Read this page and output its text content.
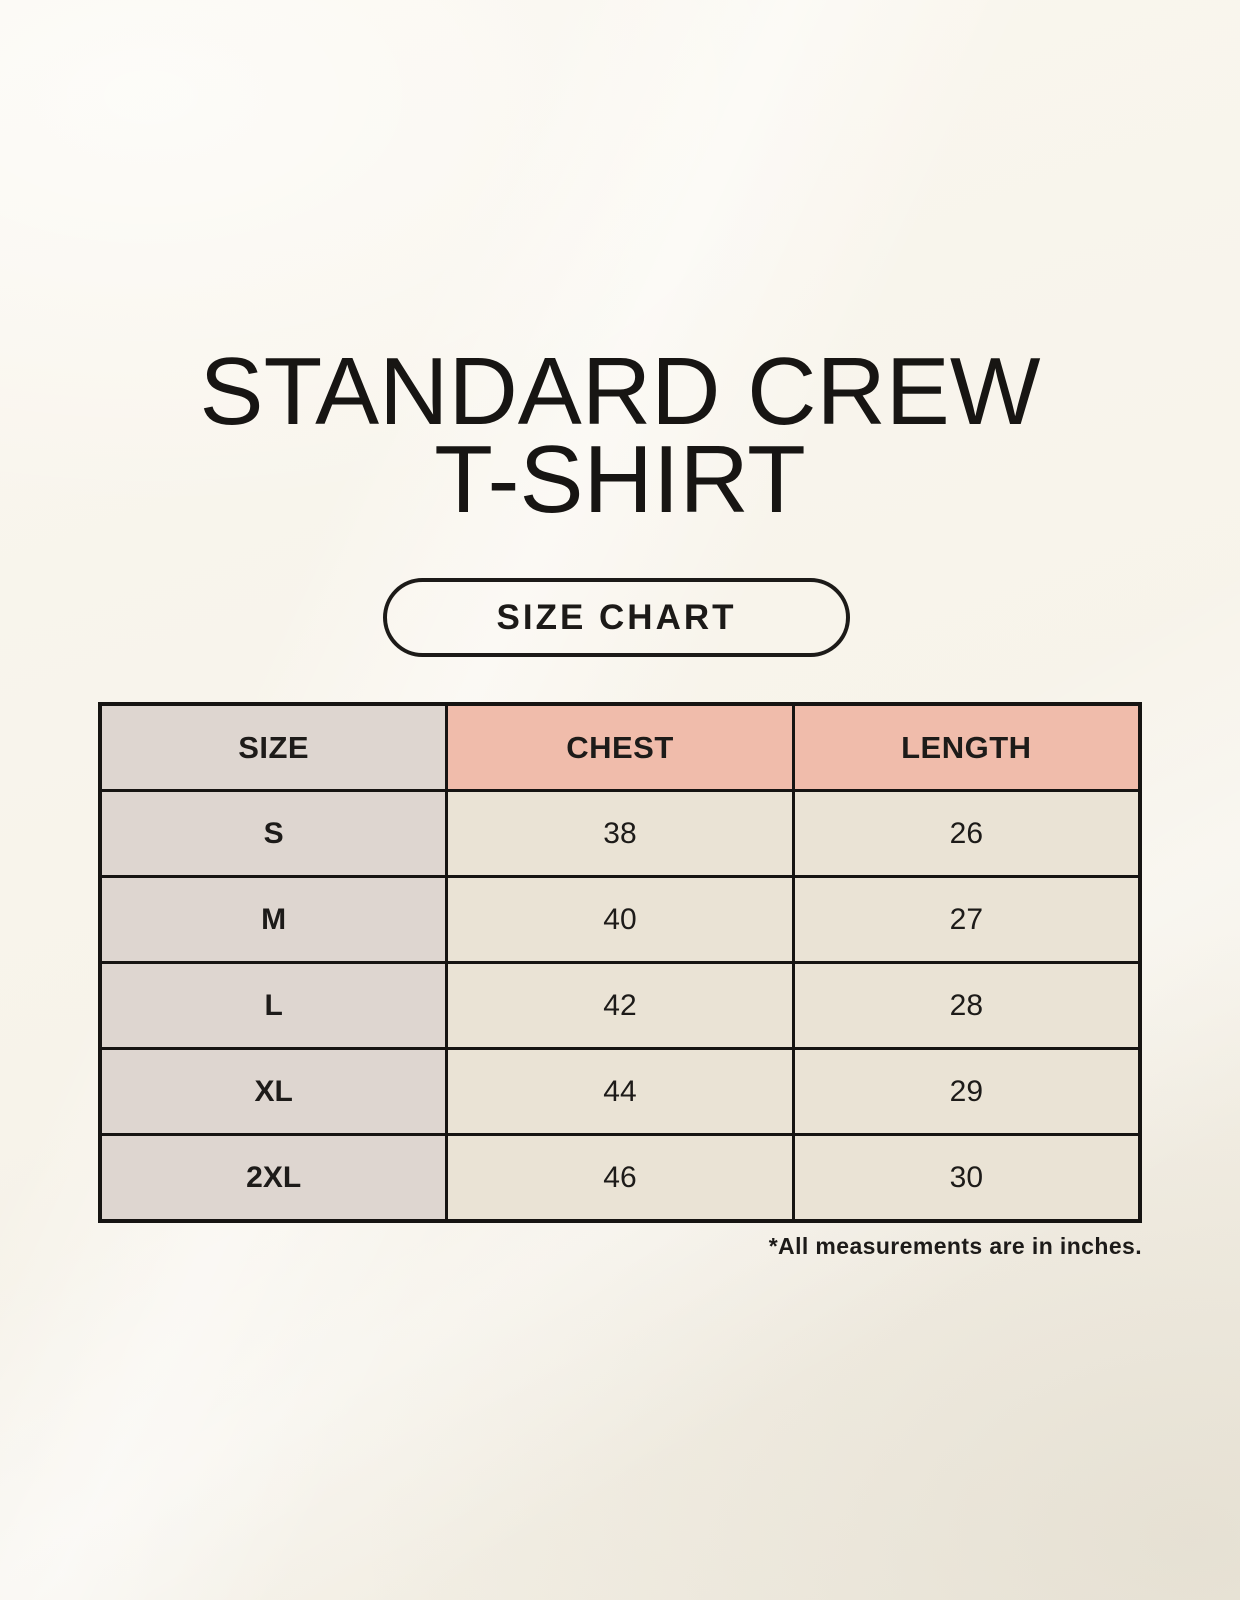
STANDARD CREW
T-SHIRT
SIZE CHART
SIZE	CHEST	LENGTH
S	38	26
M	40	27
L	42	28
XL	44	29
2XL	46	30
*All measurements are in inches.
